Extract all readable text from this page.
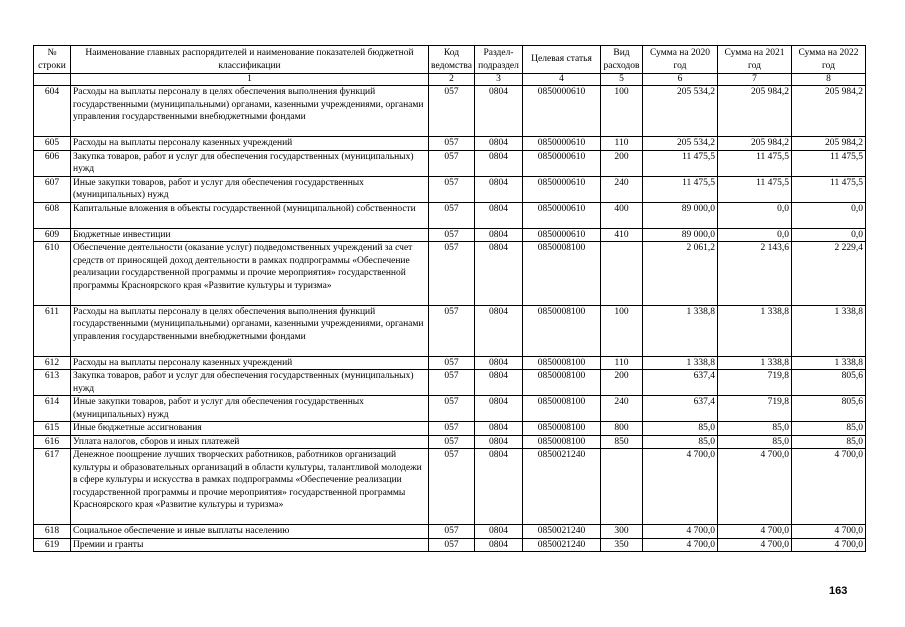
№ строки	Наименование главных распорядителей и наименование показателей бюджетной классификации	Код ведомства	Раздел-подраздел	Целевая статья	Вид расходов	Сумма на 2020 год	Сумма на 2021 год	Сумма на 2022 год
	1	2	3	4	5	6	7	8
604	Расходы на выплаты персоналу в целях обеспечения выполнения функций государственными (муниципальными) органами, казенными учреждениями, органами управления государственными внебюджетными фондами	057	0804	0850000610	100	205 534,2	205 984,2	205 984,2
605	Расходы на выплаты персоналу казенных учреждений	057	0804	0850000610	110	205 534,2	205 984,2	205 984,2
606	Закупка товаров, работ и услуг для обеспечения государственных (муниципальных) нужд	057	0804	0850000610	200	11 475,5	11 475,5	11 475,5
607	Иные закупки товаров, работ и услуг для обеспечения государственных (муниципальных) нужд	057	0804	0850000610	240	11 475,5	11 475,5	11 475,5
608	Капитальные вложения в объекты государственной (муниципальной) собственности	057	0804	0850000610	400	89 000,0	0,0	0,0
609	Бюджетные инвестиции	057	0804	0850000610	410	89 000,0	0,0	0,0
610	Обеспечение деятельности (оказание услуг) подведомственных учреждений за счет средств от приносящей доход деятельности в рамках подпрограммы «Обеспечение реализации государственной программы и прочие мероприятия» государственной программы Красноярского края «Развитие культуры и туризма»	057	0804	0850008100		2 061,2	2 143,6	2 229,4
611	Расходы на выплаты персоналу в целях обеспечения выполнения функций государственными (муниципальными) органами, казенными учреждениями, органами управления государственными внебюджетными фондами	057	0804	0850008100	100	1 338,8	1 338,8	1 338,8
612	Расходы на выплаты персоналу казенных учреждений	057	0804	0850008100	110	1 338,8	1 338,8	1 338,8
613	Закупка товаров, работ и услуг для обеспечения государственных (муниципальных) нужд	057	0804	0850008100	200	637,4	719,8	805,6
614	Иные закупки товаров, работ и услуг для обеспечения государственных (муниципальных) нужд	057	0804	0850008100	240	637,4	719,8	805,6
615	Иные бюджетные ассигнования	057	0804	0850008100	800	85,0	85,0	85,0
616	Уплата налогов, сборов и иных платежей	057	0804	0850008100	850	85,0	85,0	85,0
617	Денежное поощрение лучших творческих работников, работников организаций культуры и образовательных организаций в области культуры, талантливой молодежи в сфере культуры и искусства в рамках подпрограммы «Обеспечение реализации государственной программы и прочие мероприятия» государственной программы Красноярского края «Развитие культуры и туризма»	057	0804	0850021240		4 700,0	4 700,0	4 700,0
618	Социальное обеспечение и иные выплаты населению	057	0804	0850021240	300	4 700,0	4 700,0	4 700,0
619	Премии и гранты	057	0804	0850021240	350	4 700,0	4 700,0	4 700,0
163
